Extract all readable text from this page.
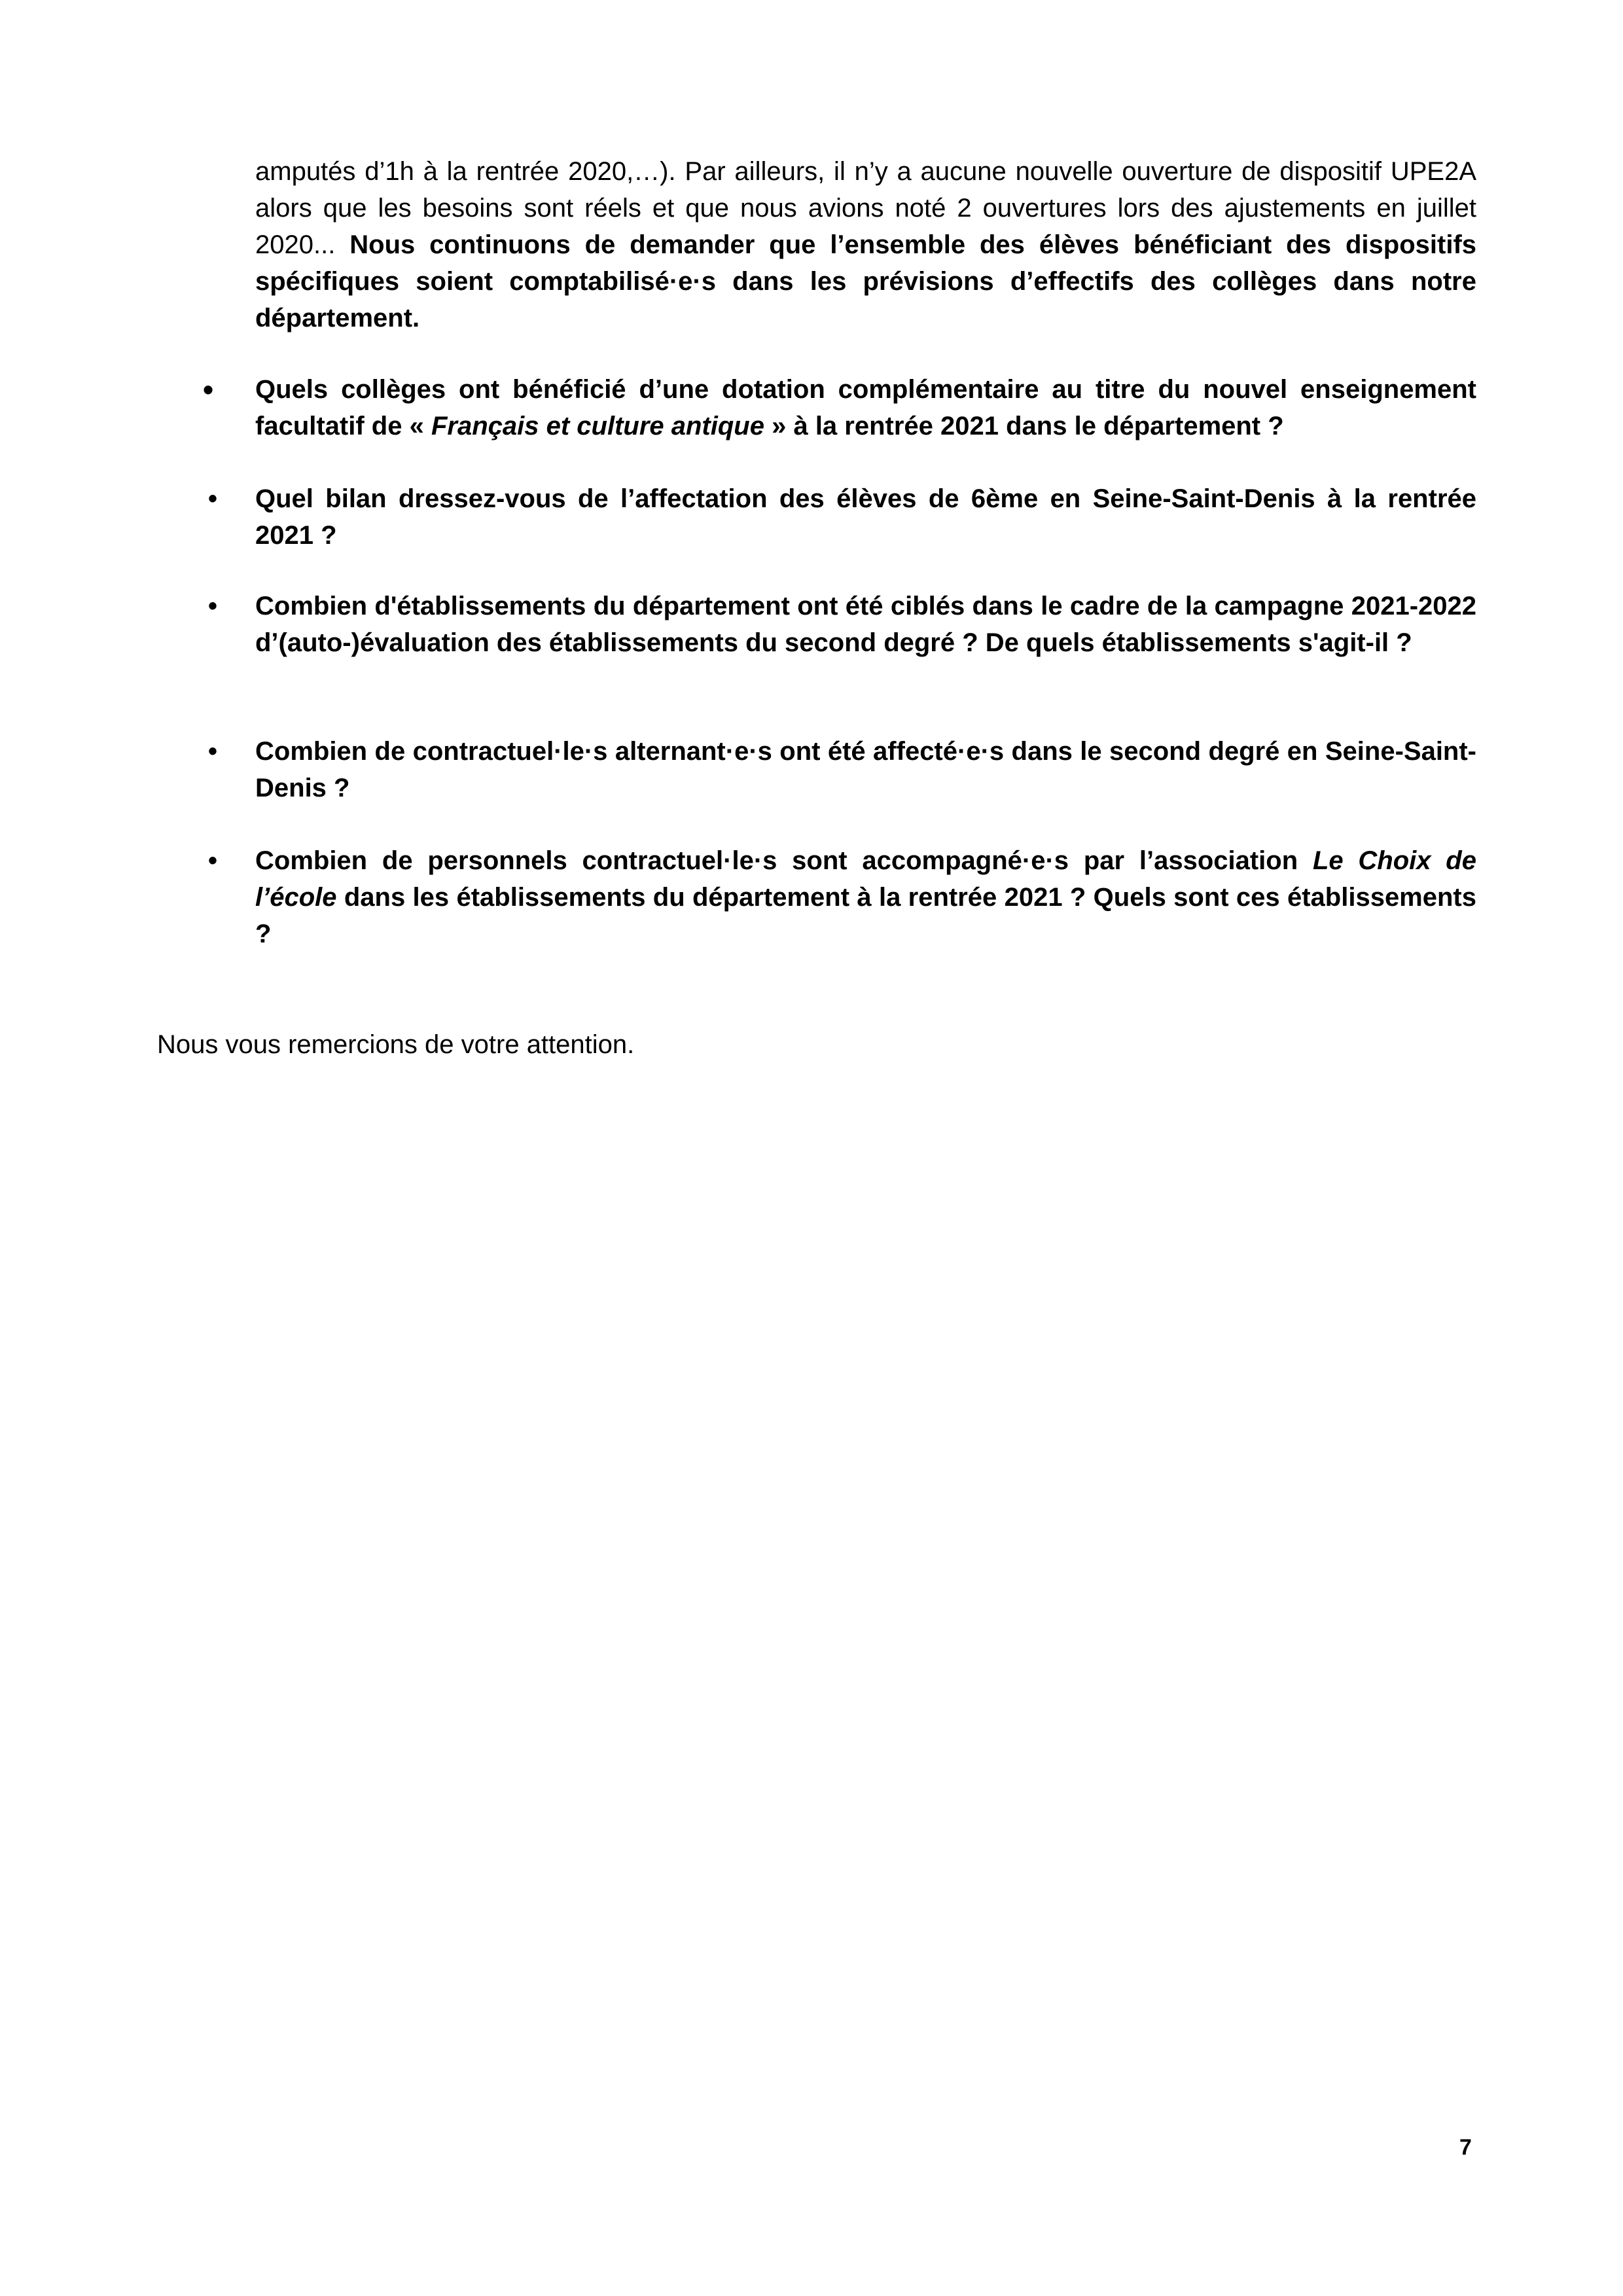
amputés d’1h à la rentrée 2020,…). Par ailleurs, il n’y a aucune nouvelle ouverture de dispositif UPE2A alors que les besoins sont réels et que nous avions noté 2 ouvertures lors des ajustements en juillet 2020... Nous continuons de demander que l’ensemble des élèves bénéficiant des dispositifs spécifiques soient comptabilisé·e·s dans les prévisions d’effectifs des collèges dans notre département.
•	Quels collèges ont bénéficié d’une dotation complémentaire au titre du nouvel enseignement facultatif de « Français et culture antique » à la rentrée 2021 dans le département ?
•	Quel bilan dressez-vous de l’affectation des élèves de 6ème en Seine-Saint-Denis à la rentrée 2021 ?
•	Combien d'établissements du département ont été ciblés dans le cadre de la campagne 2021-2022 d’(auto-)évaluation des établissements du second degré ? De quels établissements s'agit-il ?
•	Combien de contractuel·le·s alternant·e·s ont été affecté·e·s dans le second degré en Seine-Saint-Denis ?
•	Combien de personnels contractuel·le·s sont accompagné·e·s par l’association Le Choix de l’école dans les établissements du département à la rentrée 2021 ? Quels sont ces établissements ?
Nous vous remercions de votre attention.
7
